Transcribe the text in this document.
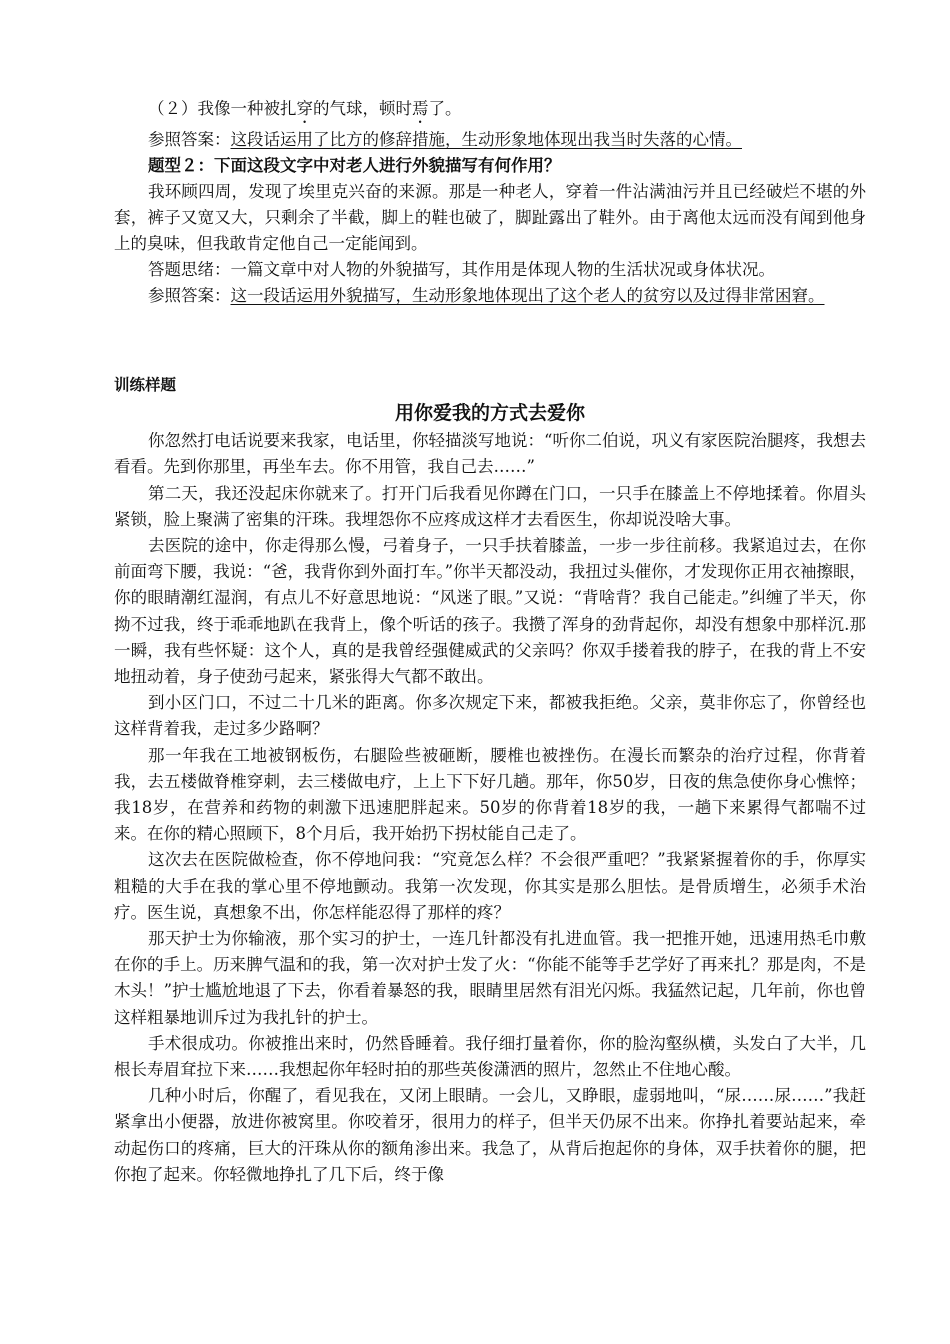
（２）我像一种被扎穿的气球，顿时焉了。

参照答案：这段话运用了比方的修辞措施，生动形象地体现出我当时失落的心情。

题型２：下面这段文字中对老人进行外貌描写有何作用？

我环顾四周，发现了埃里克兴奋的来源。那是一种老人，穿着一件沾满油污并且已经破烂不堪的外套，裤子又宽又大，只剩余了半截，脚上的鞋也破了，脚趾露出了鞋外。由于离他太远而没有闻到他身上的臭味，但我敢肯定他自己一定能闻到。

答题思绪：一篇文章中对人物的外貌描写，其作用是体现人物的生活状况或身体状况。

参照答案：这一段话运用外貌描写，生动形象地体现出了这个老人的贫穷以及过得非常困窘。

训练样题

用你爱我的方式去爱你

你忽然打电话说要来我家，电话里，你轻描淡写地说：“听你二伯说，巩义有家医院治腿疼，我想去看看。先到你那里，再坐车去。你不用管，我自己去……”

第二天，我还没起床你就来了。打开门后我看见你蹲在门口，一只手在膝盖上不停地揉着。你眉头紧锁，脸上聚满了密集的汗珠。我埋怨你不应疼成这样才去看医生，你却说没啥大事。

去医院的途中，你走得那么慢，弓着身子，一只手扶着膝盖，一步一步往前移。我紧追过去，在你前面弯下腰，我说：“爸，我背你到外面打车。”你半天都没动，我扭过头催你，才发现你正用衣袖擦眼，你的眼睛潮红湿润，有点儿不好意思地说：“风迷了眼。”又说：“背啥背？我自己能走。”纠缠了半天，你拗不过我，终于乖乖地趴在我背上，像个听话的孩子。我攒了浑身的劲背起你，却没有想象中那样沉.那一瞬，我有些怀疑：这个人，真的是我曾经强健威武的父亲吗？你双手搂着我的脖子，在我的背上不安地扭动着，身子使劲弓起来，紧张得大气都不敢出。

到小区门口，不过二十几米的距离。你多次规定下来，都被我拒绝。父亲，莫非你忘了，你曾经也这样背着我，走过多少路啊？

那一年我在工地被钢板伤，右腿险些被砸断，腰椎也被挫伤。在漫长而繁杂的治疗过程，你背着我，去五楼做脊椎穿刺，去三楼做电疗，上上下下好几趟。那年，你50岁，日夜的焦急使你身心憔悴；我18岁，在营养和药物的刺激下迅速肥胖起来。50岁的你背着18岁的我，一趟下来累得气都喘不过来。在你的精心照顾下，8个月后，我开始扔下拐杖能自己走了。

这次去在医院做检查，你不停地问我：“究竟怎么样？不会很严重吧？”我紧紧握着你的手，你厚实粗糙的大手在我的掌心里不停地颤动。我第一次发现，你其实是那么胆怯。是骨质增生，必须手术治疗。医生说，真想象不出，你怎样能忍得了那样的疼？

那天护士为你输液，那个实习的护士，一连几针都没有扎进血管。我一把推开她，迅速用热毛巾敷在你的手上。历来脾气温和的我，第一次对护士发了火：“你能不能等手艺学好了再来扎？那是肉，不是木头！”护士尴尬地退了下去，你看着暴怒的我，眼睛里居然有泪光闪烁。我猛然记起，几年前，你也曾这样粗暴地训斥过为我扎针的护士。

手术很成功。你被推出来时，仍然昏睡着。我仔细打量着你，你的脸沟壑纵横，头发白了大半，几根长寿眉耷拉下来……我想起你年轻时拍的那些英俊潇洒的照片，忽然止不住地心酸。

几种小时后，你醒了，看见我在，又闭上眼睛。一会儿，又睁眼，虚弱地叫，“尿……尿……”我赶紧拿出小便器，放进你被窝里。你咬着牙，很用力的样子，但半天仍尿不出来。你挣扎着要站起来，牵动起伤口的疼痛，巨大的汗珠从你的额角渗出来。我急了，从背后抱起你的身体，双手扶着你的腿，把你抱了起来。你轻微地挣扎了几下后，终于像
